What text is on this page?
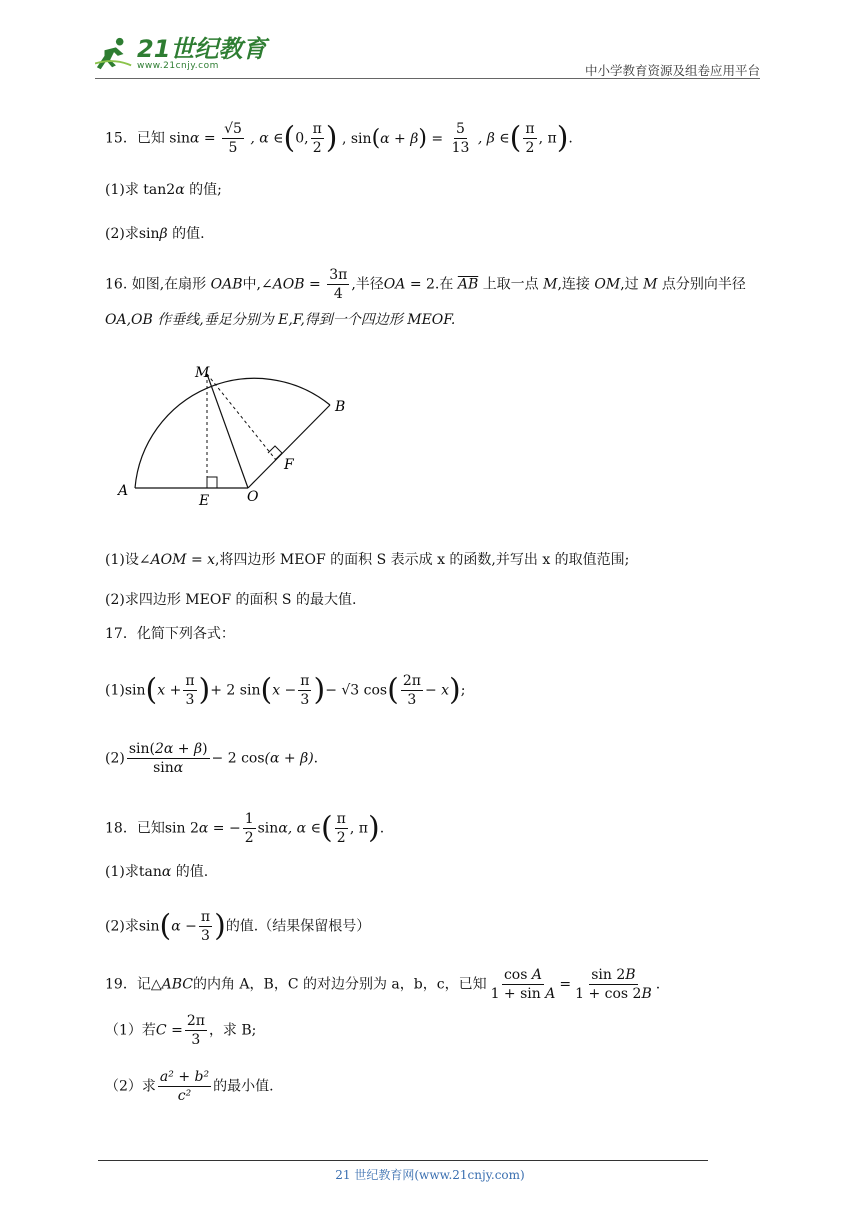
21世纪教育
www.21cnjy.com	中小学教育资源及组卷应用平台
15．已知 $\sin\alpha = \frac{√5}{5}$ , α ∈(0, $\frac{\pi}{2}$ ) , $\sin(\alpha + \beta) = \frac{5}{13}$ , β ∈( $\frac{\pi}{2}$ , π).
(1)求 tan2α 的值;
(2)求sinβ 的值.
16. 如图,在扇形 OAB中,∠AOB = $\frac{3\pi}{4}$ ,半径OA = 2.在 $\overline{AB}$ 上取一点 M,连接 OM,过 M 点分别向半径
OA,OB 作垂线,垂足分别为 E,F,得到一个四边形 MEOF.
M
B
F
A
E	O
(1)设∠AOM = x,将四边形 MEOF 的面积 S 表示成 x 的函数,并写出 x 的取值范围;
(2)求四边形 MEOF 的面积 S 的最大值.
17．化简下列各式：
$(1)\sin(x + \frac{\pi}{3}$ )+ 2 $\sin(x - \frac{\pi}{3}$ )− √3 $\cos( \frac{2\pi}{3} - x)$;
$(2) \frac{\sin(2\alpha + \beta)}{\sin\alpha} - 2$ cos(α + β).
18．已知sin 2α = − $\frac{1}{2} \sin\alpha$, α ∈( $\frac{\pi}{2}$ , π).
(1)求tanα 的值.
(2)求$\sin(\alpha - \frac{\pi}{3}$ )的值.（结果保留根号）
19．记△ABC的内角 A，B，C 的对边分别为 a，b，c，已知 $\frac{\text{cos A}}{\text{1 + sin A}} = \frac{\sin 2B}{1 + \cos 2B}$ .
（1）若$C = \frac{2\pi}{3}$ ，求 B;
（2）求 $\frac{\text{a² + b²}}{\text{c²}}$ 的最小值.
21 世纪教育网(www.21cnjy.com)
